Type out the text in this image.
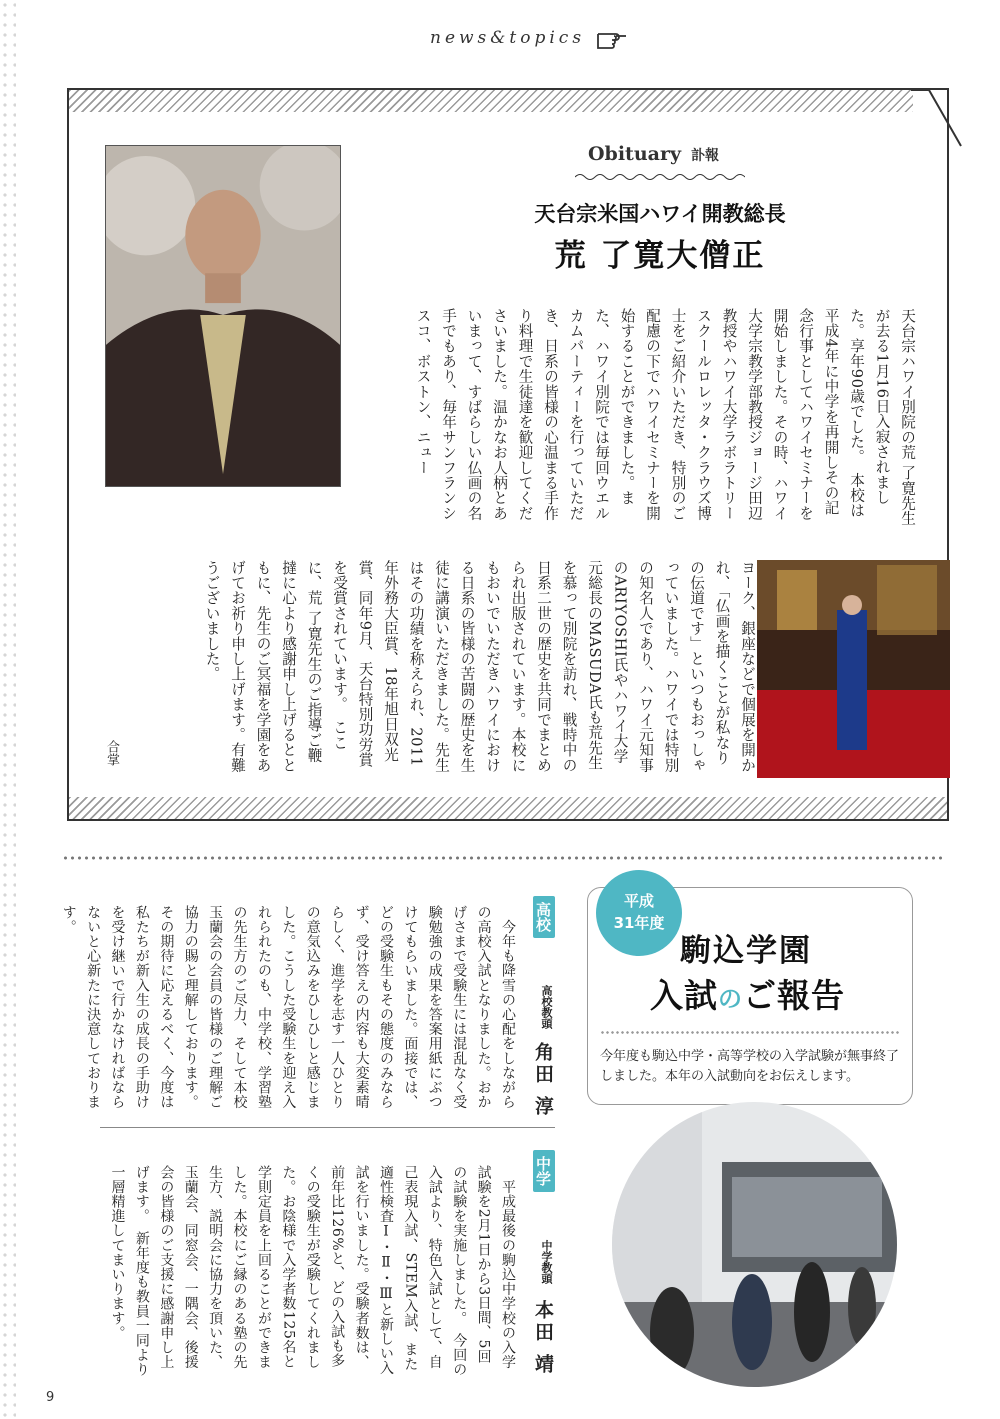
news&topics
Obituary 訃報
天台宗米国ハワイ開教総長
荒 了寛大僧正
天台宗ハワイ別院の荒 了寛先生が去る1月16日入寂されました。享年90歳でした。　本校は平成4年に中学を再開しその記念行事としてハワイセミナーを開始しました。その時、ハワイ大学宗教学部教授ジョージ田辺教授やハワイ大学ラボラトリースクールロレッタ・クラウズ博士をご紹介いただき、特別のご配慮の下でハワイセミナーを開始することができました。また、ハワイ別院では毎回ウエルカムパーティーを行っていただき、日系の皆様の心温まる手作り料理で生徒達を歓迎してくださいました。温かなお人柄とあいまって、すばらしい仏画の名手でもあり、毎年サンフランシスコ、ボストン、ニュー
ヨーク、銀座などで個展を開かれ、「仏画を描くことが私なりの伝道です」といつもおっしゃっていました。ハワイでは特別の知名人であり、ハワイ元知事のARIYOSHI氏やハワイ大学元総長のMASUDA氏も荒先生を慕って別院を訪れ、戦時中の日系二世の歴史を共同でまとめられ出版されています。本校にもおいでいただきハワイにおける日系の皆様の苦闘の歴史を生徒に講演いただきました。先生はその功績を称えられ、2011年外務大臣賞、18年旭日双光賞、同年9月、天台特別功労賞を受賞されています。　ここに、荒 了寛先生のご指導ご鞭撻に心より感謝申し上げるとともに、先生のご冥福を学園をあげてお祈り申し上げます。有難うございました。
合掌
平成
31年度
駒込学園
入試のご報告
今年度も駒込中学・高等学校の入学試験が無事終了しました。本年の入試動向をお伝えします。
高校
高校教頭
角田 淳
　今年も降雪の心配をしながらの高校入試となりました。おかげさまで受験生には混乱なく受験勉強の成果を答案用紙にぶつけてもらいました。面接では、どの受験生もその態度のみならず、受け答えの内容も大変素晴らしく、進学を志す一人ひとりの意気込みをひしひしと感じました。こうした受験生を迎え入れられたのも、中学校、学習塾の先生方のご尽力、そして本校玉蘭会の会員の皆様のご理解ご協力の賜と理解しております。その期待に応えるべく、今度は私たちが新入生の成長の手助けを受け継いで行かなければならないと心新たに決意しております。
中学
中学教頭
本田 靖
　平成最後の駒込中学校の入学試験を2月1日から3日間、5回の試験を実施しました。　今回の入試より、特色入試として、自己表現入試、STEM入試、また適性検査Ⅰ・Ⅱ・Ⅲと新しい入試を行いました。受験者数は、前年比126%と、どの入試も多くの受験生が受験してくれました。お陰様で入学者数125名と学則定員を上回ることができました。本校にご縁のある塾の先生方、説明会に協力を頂いた、玉蘭会、同窓会、一隅会、後援会の皆様のご支援に感謝申し上げます。　新年度も教員一同より一層精進してまいります。
9
